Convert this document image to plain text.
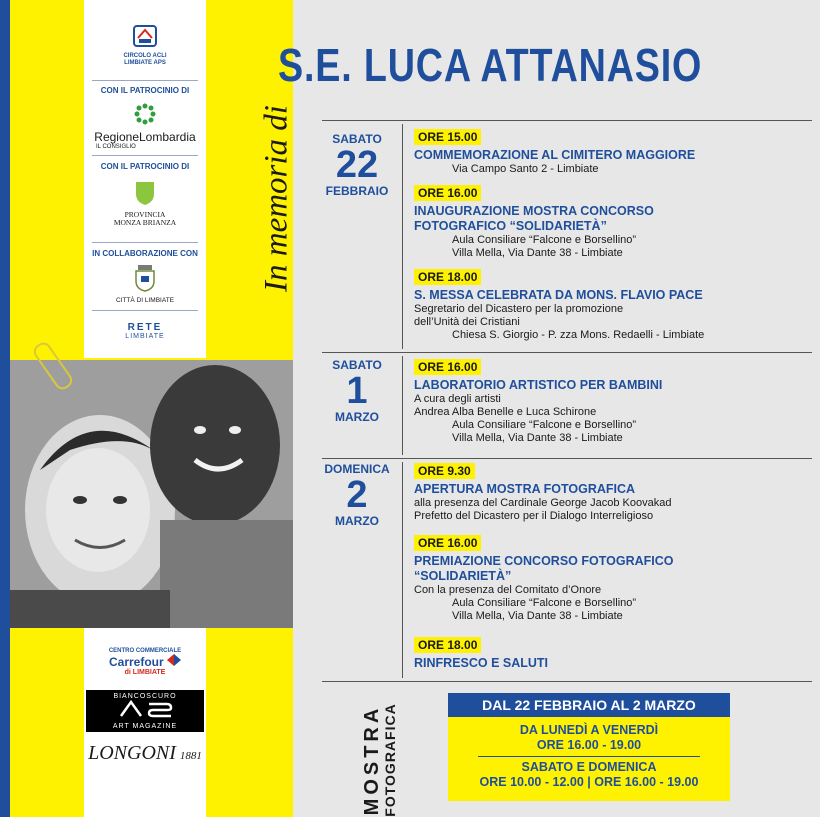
CIRCOLO ACLI
LIMBIATE APS
CON IL PATROCINIO DI
RegioneLombardia
IL CONSIGLIO
CON IL PATROCINIO DI
PROVINCIA
MONZA BRIANZA
IN COLLABORAZIONE CON
CITTÀ DI LIMBIATE
RETE
LIMBIATE
CENTRO COMMERCIALE
Carrefour
di LIMBIATE
BIANCOSCURO
ART MAGAZINE
LONGONI 1881
S.E. LUCA ATTANASIO
In memoria di	SABATO
22
FEBBRAIO
SABATO
1
MARZO
DOMENICA
2
MARZO
ORE 15.00
COMMEMORAZIONE AL CIMITERO MAGGIORE
Via Campo Santo 2 - Limbiate
ORE 16.00
INAUGURAZIONE MOSTRA CONCORSO
FOTOGRAFICO “SOLIDARIETÀ”
Aula Consiliare “Falcone e Borsellino”
Villa Mella, Via Dante 38 - Limbiate
ORE 18.00
S. MESSA CELEBRATA DA MONS. FLAVIO PACE
Segretario del Dicastero per la promozione
dell’Unità dei Cristiani
Chiesa S. Giorgio - P. zza Mons. Redaelli - Limbiate
ORE 16.00
LABORATORIO ARTISTICO PER BAMBINI
A cura degli artisti
Andrea Alba Benelle e Luca Schirone
Aula Consiliare “Falcone e Borsellino”
Villa Mella, Via Dante 38 - Limbiate
ORE 9.30
APERTURA MOSTRA FOTOGRAFICA
alla presenza del Cardinale George Jacob Koovakad
Prefetto del Dicastero per il Dialogo Interreligioso
ORE 16.00
PREMIAZIONE CONCORSO FOTOGRAFICO
“SOLIDARIETÀ”
Con la presenza del Comitato d’Onore
Aula Consiliare “Falcone e Borsellino”
Villa Mella, Via Dante 38 - Limbiate
ORE 18.00
RINFRESCO E SALUTI
MOSTRA FOTOGRAFICA	DAL 22 FEBBRAIO AL 2 MARZO
DA LUNEDÌ A VENERDÌ
ORE 16.00 - 19.00
SABATO E DOMENICA
ORE 10.00 - 12.00 | ORE 16.00 - 19.00
